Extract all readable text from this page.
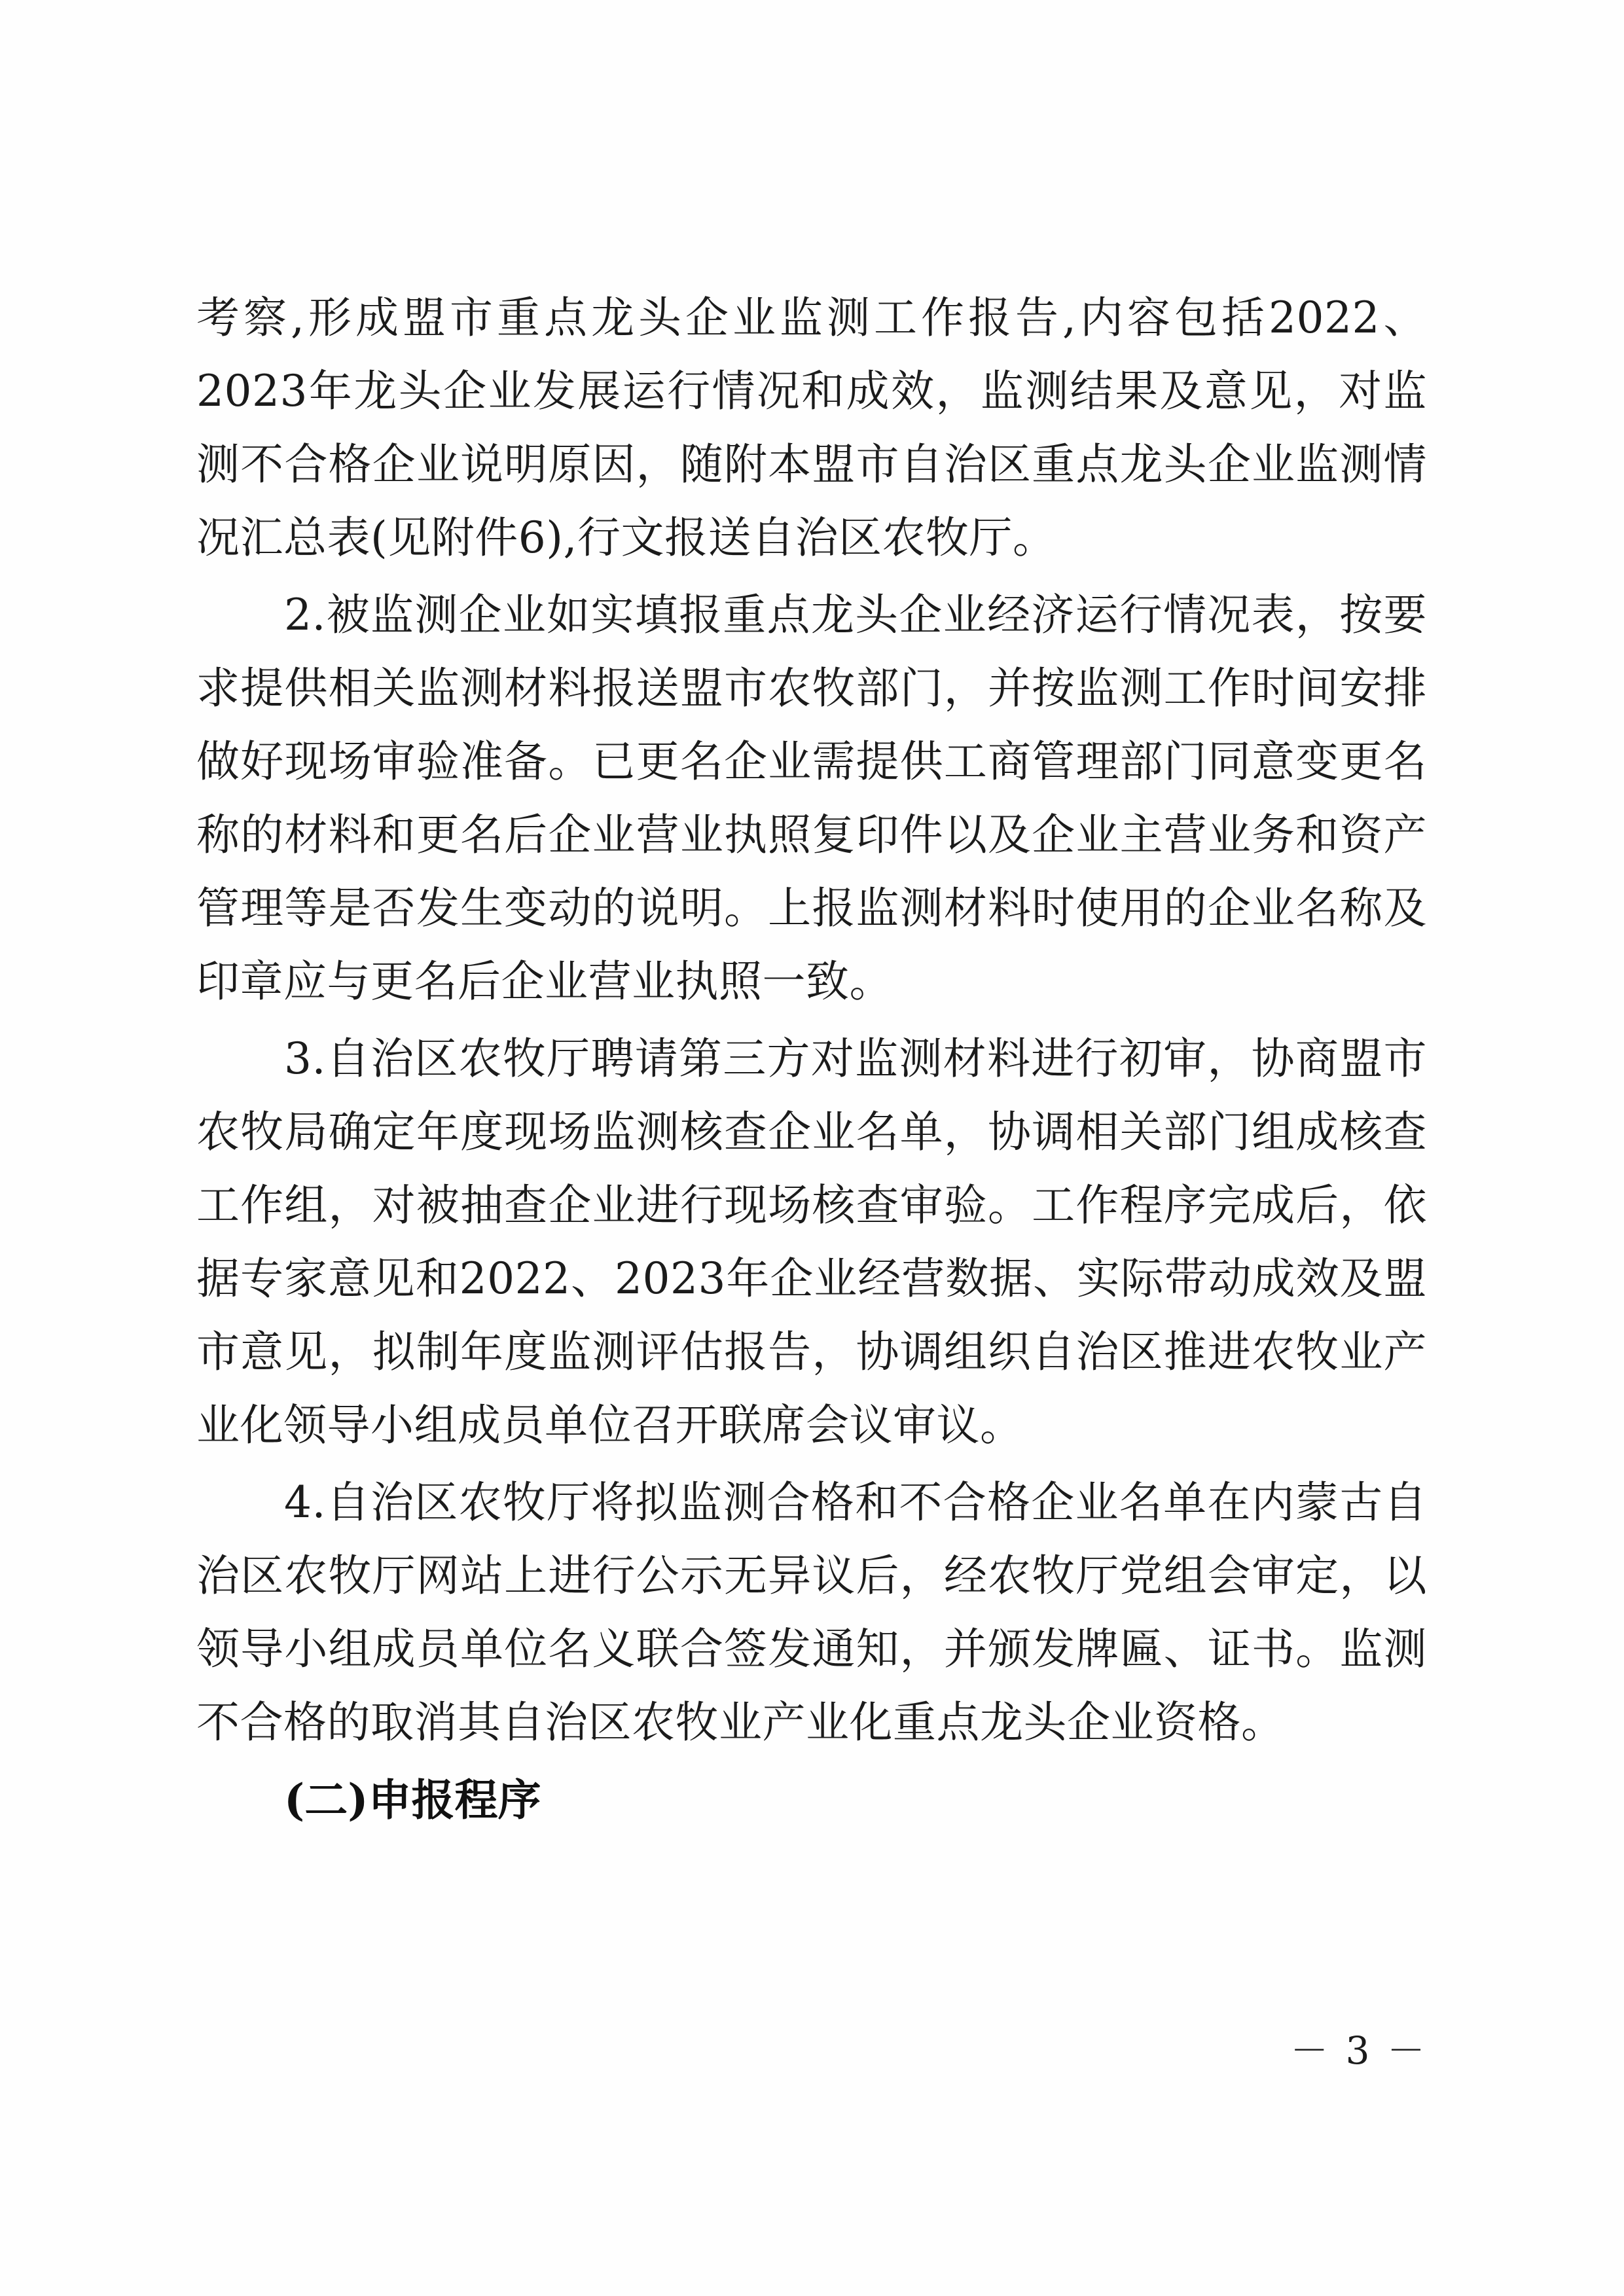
考察,形成盟市重点龙头企业监测工作报告,内容包括2022、2023年龙头企业发展运行情况和成效，监测结果及意见，对监测不合格企业说明原因，随附本盟市自治区重点龙头企业监测情况汇总表(见附件6),行文报送自治区农牧厅。

2.被监测企业如实填报重点龙头企业经济运行情况表，按要求提供相关监测材料报送盟市农牧部门，并按监测工作时间安排做好现场审验准备。已更名企业需提供工商管理部门同意变更名称的材料和更名后企业营业执照复印件以及企业主营业务和资产管理等是否发生变动的说明。上报监测材料时使用的企业名称及印章应与更名后企业营业执照一致。

3.自治区农牧厅聘请第三方对监测材料进行初审，协商盟市农牧局确定年度现场监测核查企业名单，协调相关部门组成核查工作组，对被抽查企业进行现场核查审验。工作程序完成后，依据专家意见和2022、2023年企业经营数据、实际带动成效及盟市意见，拟制年度监测评估报告，协调组织自治区推进农牧业产业化领导小组成员单位召开联席会议审议。

4.自治区农牧厅将拟监测合格和不合格企业名单在内蒙古自治区农牧厅网站上进行公示无异议后，经农牧厅党组会审定，以领导小组成员单位名义联合签发通知，并颁发牌匾、证书。监测不合格的取消其自治区农牧业产业化重点龙头企业资格。

(二)申报程序

－ 3 －
